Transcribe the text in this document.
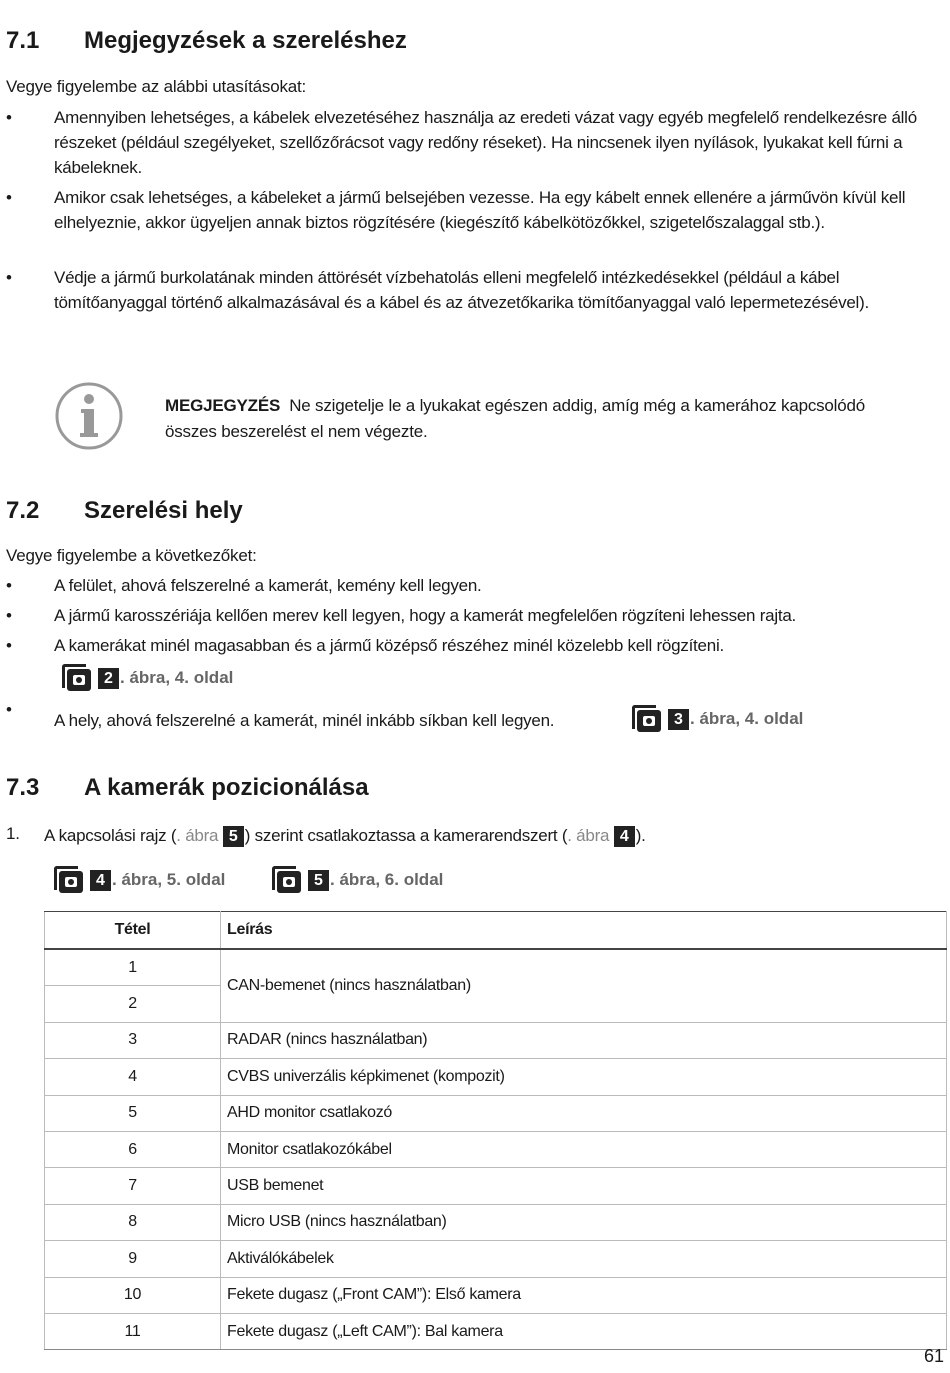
7.1 Megjegyzések a szereléshez
Vegye figyelembe az alábbi utasításokat:
• Amennyiben lehetséges, a kábelek elvezetéséhez használja az eredeti vázat vagy egyéb megfelelő rendelkezésre álló részeket (például szegélyeket, szellőzőrácsot vagy redőny réseket). Ha nincsenek ilyen nyílások, lyukakat kell fúrni a kábeleknek.
• Amikor csak lehetséges, a kábeleket a jármű belsejében vezesse. Ha egy kábelt ennek ellenére a járművön kívül kell elhelyeznie, akkor ügyeljen annak biztos rögzítésére (kiegészítő kábelkötözőkkel, szigetelőszalaggal stb.).
• Védje a jármű burkolatának minden áttörését vízbehatolás elleni megfelelő intézkedésekkel (például a kábel tömítőanyaggal történő alkalmazásával és a kábel és az átvezetőkarika tömítőanyaggal való lepermetezésével).
MEGJEGYZÉS Ne szigetelje le a lyukakat egészen addig, amíg még a kamerához kapcsolódó összes beszerelést el nem végezte.
7.2 Szerelési hely
Vegye figyelembe a következőket:
• A felület, ahová felszerelné a kamerát, kemény kell legyen.
• A jármű karosszériája kellően merev kell legyen, hogy a kamerát megfelelően rögzíteni lehessen rajta.
• A kamerákat minél magasabban és a jármű középső részéhez minél közelebb kell rögzíteni.
2 . ábra, 4. oldal
•
A hely, ahová felszerelné a kamerát, minél inkább síkban kell legyen.	3 . ábra, 4. oldal
7.3 A kamerák pozicionálása
1. A kapcsolási rajz (. ábra 5 ) szerint csatlakoztassa a kamerarendszert (. ábra 4 ).
4 . ábra, 5. oldal	5 . ábra, 6. oldal
Tétel	Leírás
1	CAN-bemenet (nincs használatban)
2	
3	RADAR (nincs használatban)
4	CVBS univerzális képkimenet (kompozit)
5	AHD monitor csatlakozó
6	Monitor csatlakozókábel
7	USB bemenet
8	Micro USB (nincs használatban)
9	Aktiválókábelek
10	Fekete dugasz („Front CAM”): Első kamera
11	Fekete dugasz („Left CAM”): Bal kamera
61
